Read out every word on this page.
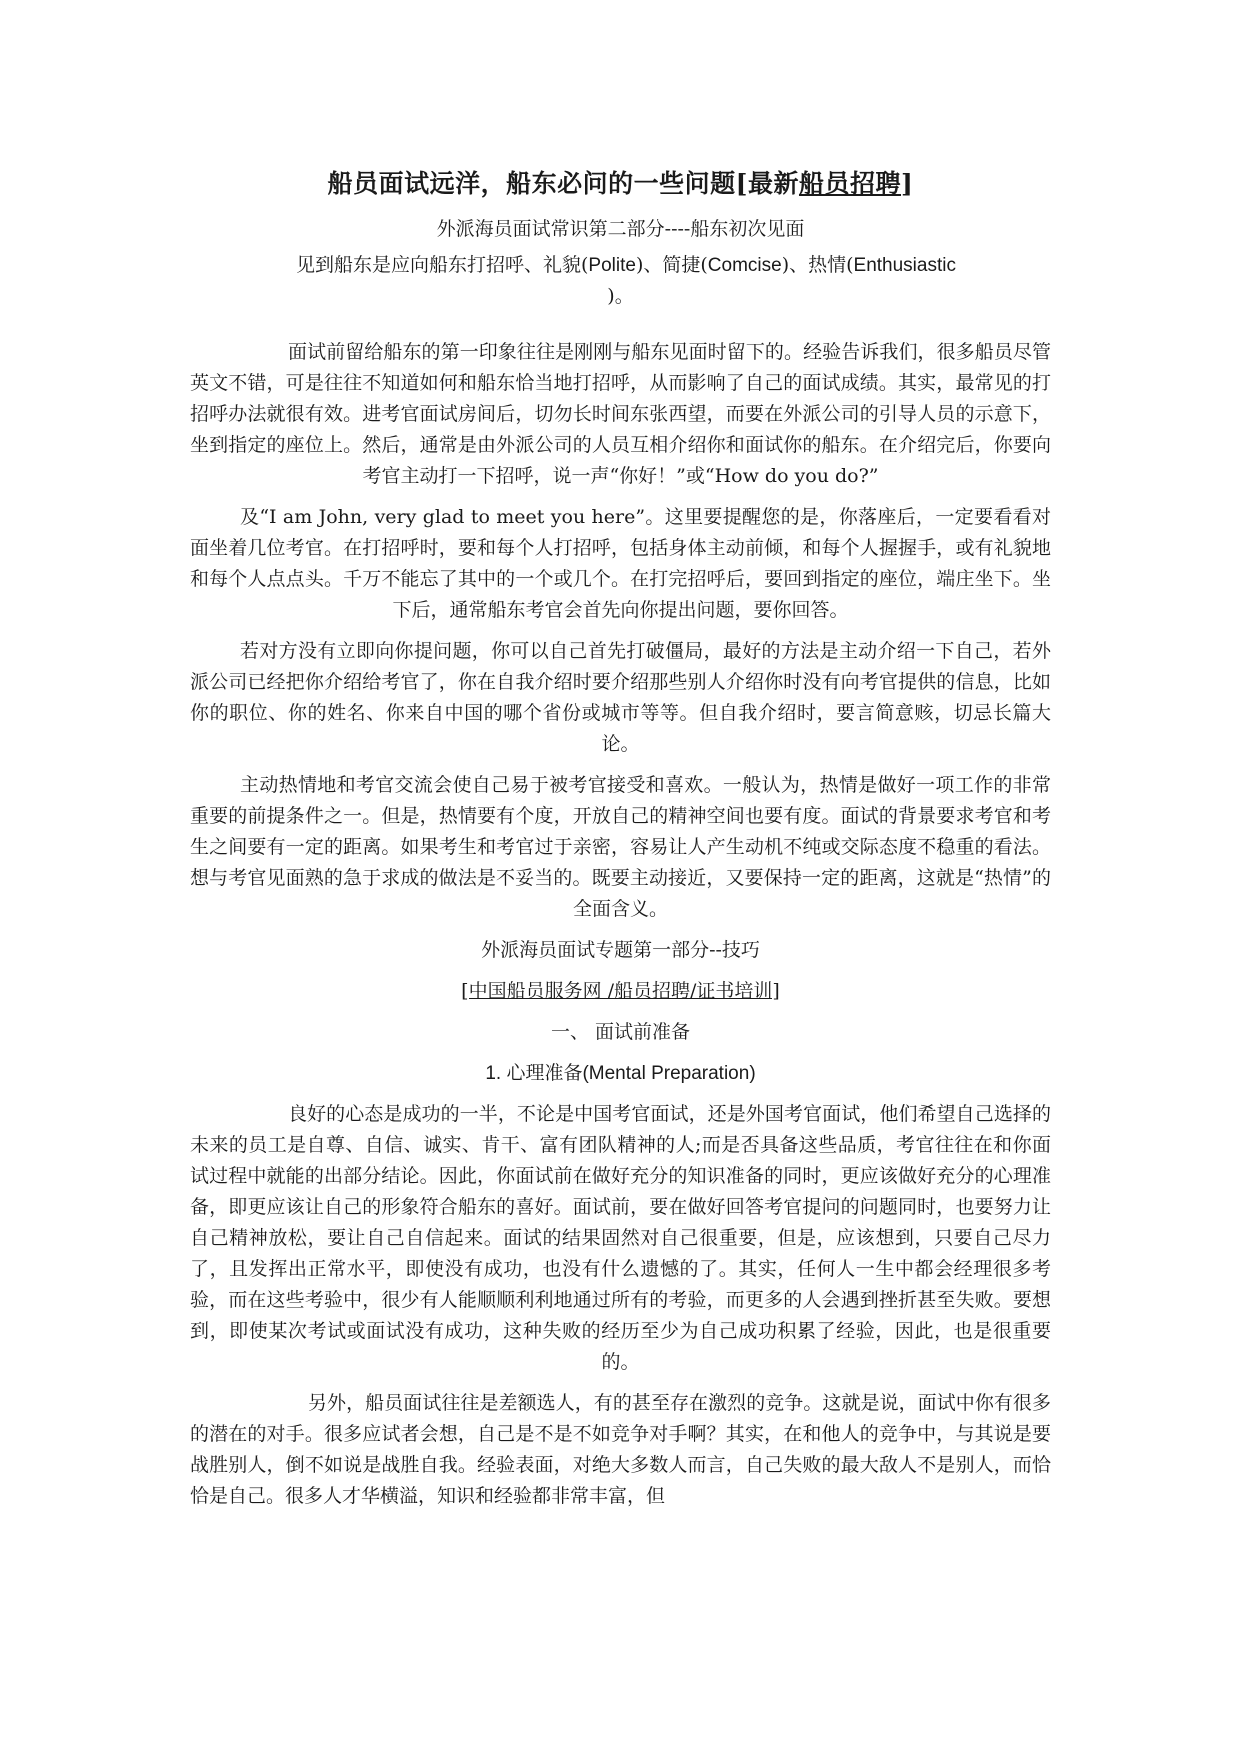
船员面试远洋，船东必问的一些问题[最新船员招聘]
外派海员面试常识第二部分----船东初次见面
见到船东是应向船东打招呼、礼貌(Polite)、简捷(Comcise)、热情(Enthusiastic
)。

面试前留给船东的第一印象往往是刚刚与船东见面时留下的。经验告诉我们，很多船员尽管英文不错，可是往往不知道如何和船东恰当地打招呼，从而影响了自己的面试成绩。其实，最常见的打招呼办法就很有效。进考官面试房间后，切勿长时间东张西望，而要在外派公司的引导人员的示意下，坐到指定的座位上。然后，通常是由外派公司的人员互相介绍你和面试你的船东。在介绍完后，你要向考官主动打一下招呼，说一声“你好！”或“How do you do?”

及“I am John, very glad to meet you here”。这里要提醒您的是，你落座后，一定要看看对面坐着几位考官。在打招呼时，要和每个人打招呼，包括身体主动前倾，和每个人握握手，或有礼貌地和每个人点点头。千万不能忘了其中的一个或几个。在打完招呼后，要回到指定的座位，端庄坐下。坐下后，通常船东考官会首先向你提出问题，要你回答。

若对方没有立即向你提问题，你可以自己首先打破僵局，最好的方法是主动介绍一下自己，若外派公司已经把你介绍给考官了，你在自我介绍时要介绍那些别人介绍你时没有向考官提供的信息，比如你的职位、你的姓名、你来自中国的哪个省份或城市等等。但自我介绍时，要言简意赅，切忌长篇大论。

主动热情地和考官交流会使自己易于被考官接受和喜欢。一般认为，热情是做好一项工作的非常重要的前提条件之一。但是，热情要有个度，开放自己的精神空间也要有度。面试的背景要求考官和考生之间要有一定的距离。如果考生和考官过于亲密，容易让人产生动机不纯或交际态度不稳重的看法。想与考官见面熟的急于求成的做法是不妥当的。既要主动接近，又要保持一定的距离，这就是“热情”的全面含义。

外派海员面试专题第一部分--技巧
[中国船员服务网 /船员招聘/证书培训]
一、 面试前准备
1. 心理准备(Mental Preparation)

良好的心态是成功的一半，不论是中国考官面试，还是外国考官面试，他们希望自己选择的未来的员工是自尊、自信、诚实、肯干、富有团队精神的人;而是否具备这些品质，考官往往在和你面试过程中就能的出部分结论。因此，你面试前在做好充分的知识准备的同时，更应该做好充分的心理准备，即更应该让自己的形象符合船东的喜好。面试前，要在做好回答考官提问的问题同时，也要努力让自己精神放松，要让自己自信起来。面试的结果固然对自己很重要，但是，应该想到，只要自己尽力了，且发挥出正常水平，即使没有成功，也没有什么遗憾的了。其实，任何人一生中都会经理很多考验，而在这些考验中，很少有人能顺顺利利地通过所有的考验，而更多的人会遇到挫折甚至失败。要想到，即使某次考试或面试没有成功，这种失败的经历至少为自己成功积累了经验，因此，也是很重要的。

另外，船员面试往往是差额选人，有的甚至存在激烈的竞争。这就是说，面试中你有很多的潜在的对手。很多应试者会想，自己是不是不如竞争对手啊？其实，在和他人的竞争中，与其说是要战胜别人，倒不如说是战胜自我。经验表面，对绝大多数人而言，自己失败的最大敌人不是别人，而恰恰是自己。很多人才华横溢，知识和经验都非常丰富，但
